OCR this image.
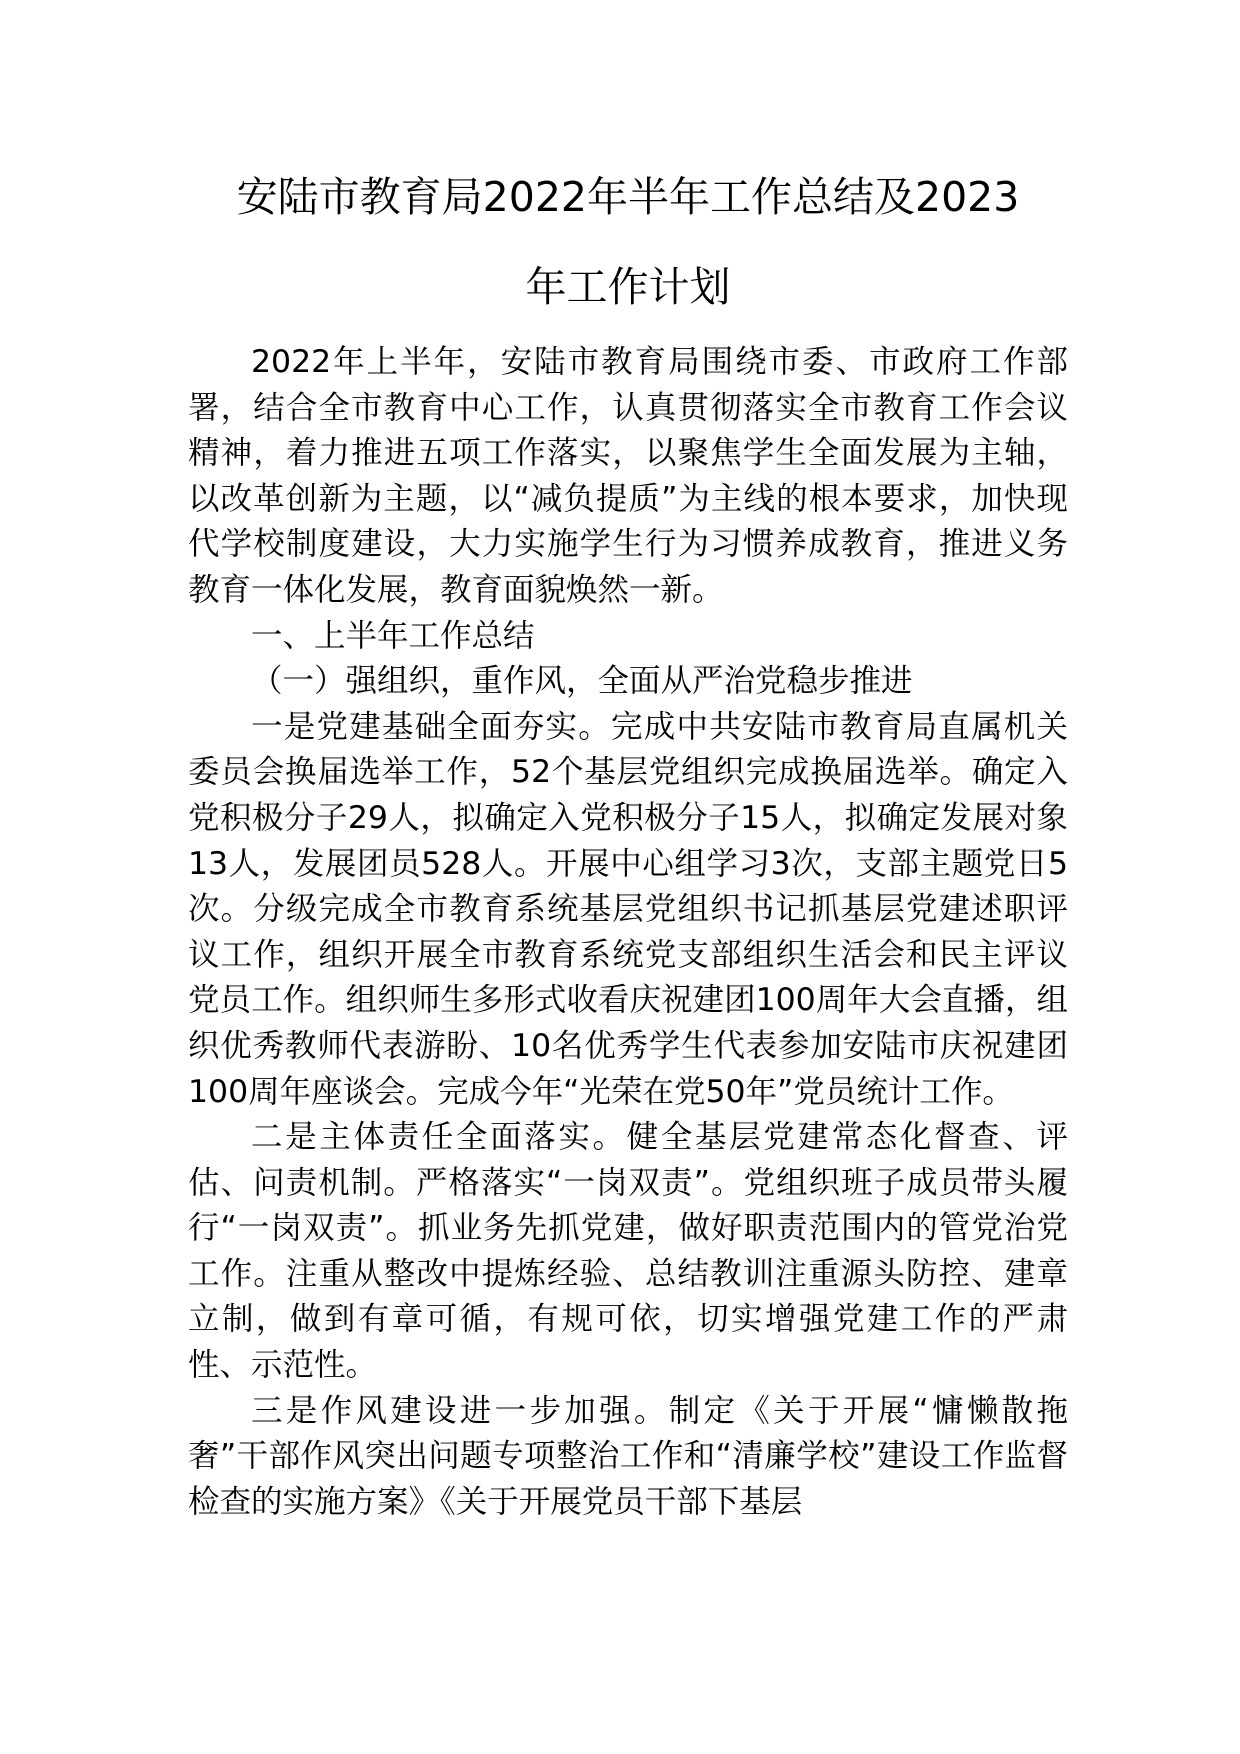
安陆市教育局2022年半年工作总结及2023
年工作计划

2022年上半年，安陆市教育局围绕市委、市政府工作部署，结合全市教育中心工作，认真贯彻落实全市教育工作会议精神，着力推进五项工作落实，以聚焦学生全面发展为主轴，以改革创新为主题，以“减负提质”为主线的根本要求，加快现代学校制度建设，大力实施学生行为习惯养成教育，推进义务教育一体化发展，教育面貌焕然一新。

一、上半年工作总结

（一）强组织，重作风，全面从严治党稳步推进

一是党建基础全面夯实。完成中共安陆市教育局直属机关委员会换届选举工作，52个基层党组织完成换届选举。确定入党积极分子29人，拟确定入党积极分子15人，拟确定发展对象13人，发展团员528人。开展中心组学习3次，支部主题党日5次。分级完成全市教育系统基层党组织书记抓基层党建述职评议工作，组织开展全市教育系统党支部组织生活会和民主评议党员工作。组织师生多形式收看庆祝建团100周年大会直播，组织优秀教师代表游盼、10名优秀学生代表参加安陆市庆祝建团100周年座谈会。完成今年“光荣在党50年”党员统计工作。

二是主体责任全面落实。健全基层党建常态化督查、评估、问责机制。严格落实“一岗双责”。党组织班子成员带头履行“一岗双责”。抓业务先抓党建，做好职责范围内的管党治党工作。注重从整改中提炼经验、总结教训注重源头防控、建章立制，做到有章可循，有规可依，切实增强党建工作的严肃性、示范性。

三是作风建设进一步加强。制定《关于开展“慵懒散拖奢”干部作风突出问题专项整治工作和“清廉学校”建设工作监督检查的实施方案》《关于开展党员干部下基层
